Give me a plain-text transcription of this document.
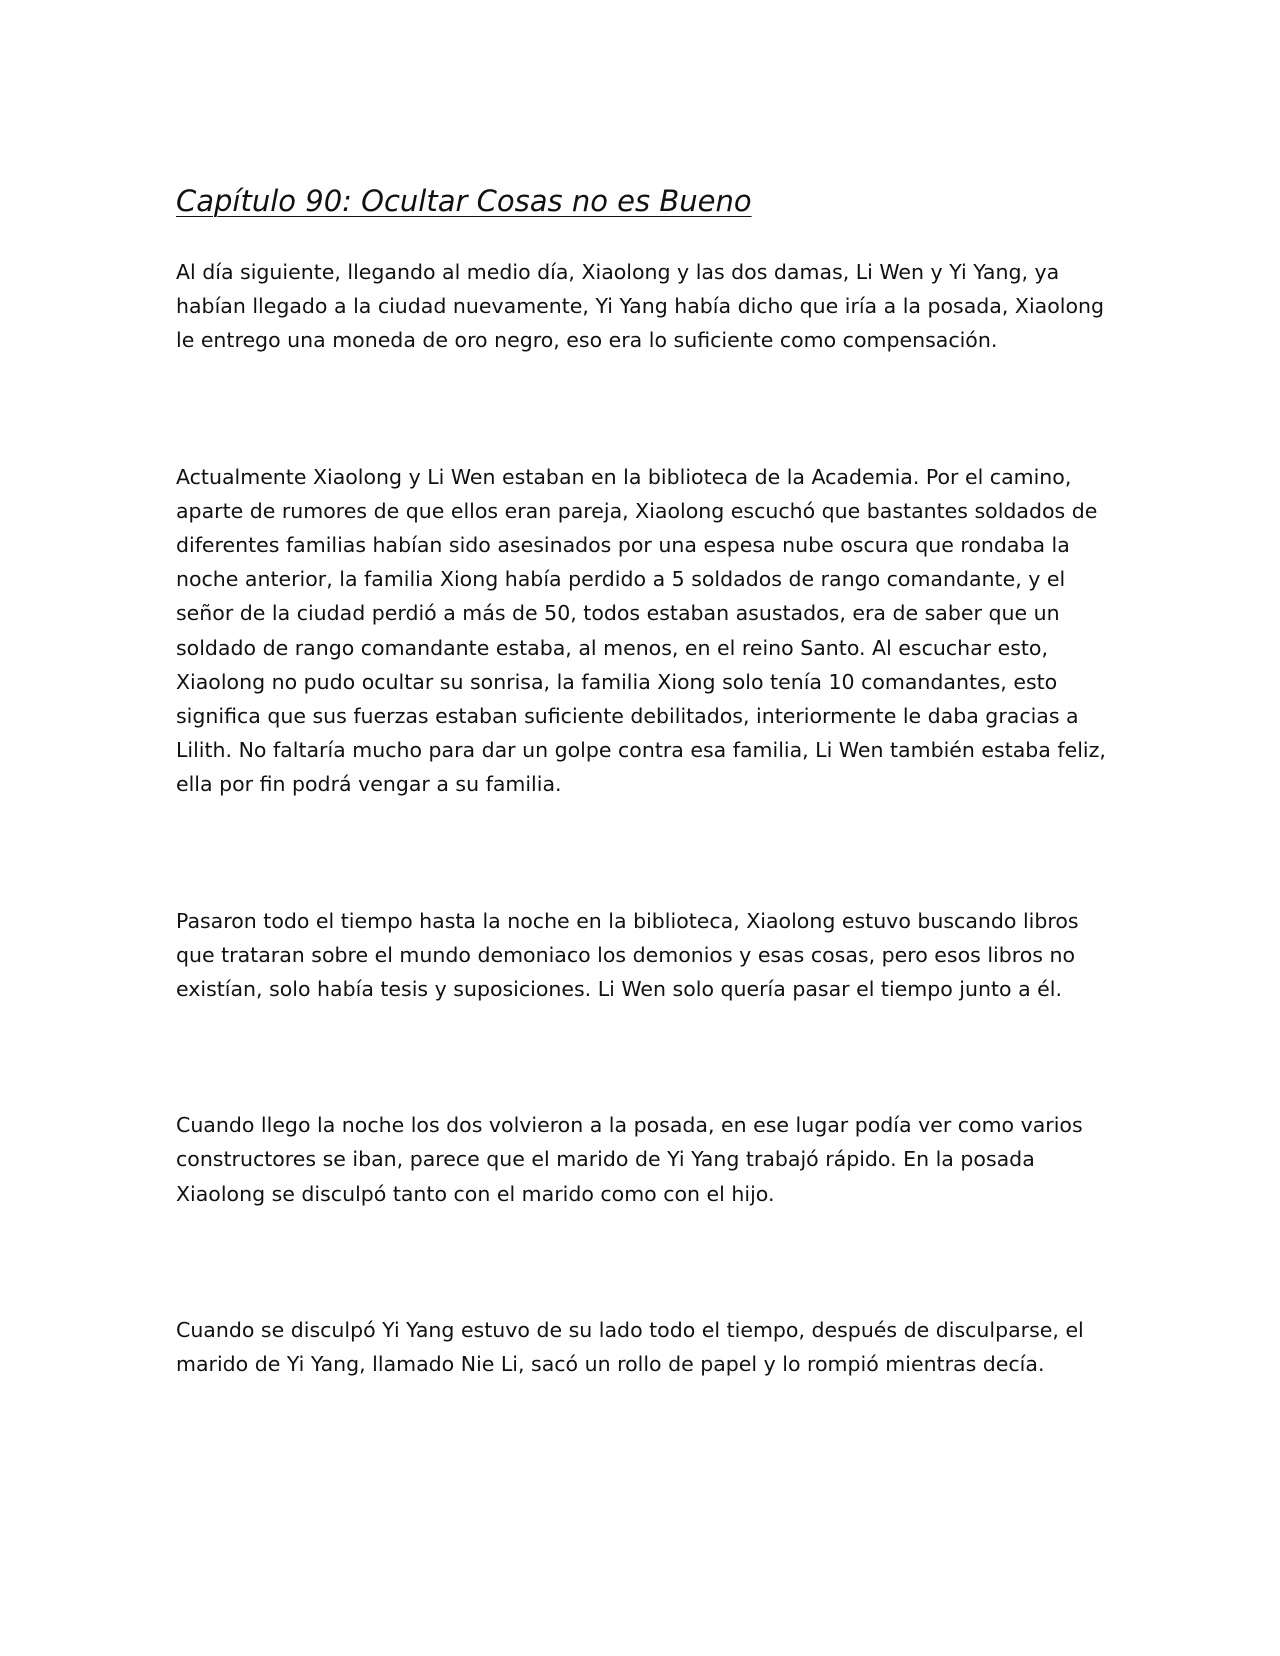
Capítulo 90: Ocultar Cosas no es Bueno

Al día siguiente, llegando al medio día, Xiaolong y las dos damas, Li Wen y Yi Yang, ya habían llegado a la ciudad nuevamente, Yi Yang había dicho que iría a la posada, Xiaolong le entrego una moneda de oro negro, eso era lo suficiente como compensación.

Actualmente Xiaolong y Li Wen estaban en la biblioteca de la Academia. Por el camino, aparte de rumores de que ellos eran pareja, Xiaolong escuchó que bastantes soldados de diferentes familias habían sido asesinados por una espesa nube oscura que rondaba la noche anterior, la familia Xiong había perdido a 5 soldados de rango comandante, y el señor de la ciudad perdió a más de 50, todos estaban asustados, era de saber que un soldado de rango comandante estaba, al menos, en el reino Santo. Al escuchar esto, Xiaolong no pudo ocultar su sonrisa, la familia Xiong solo tenía 10 comandantes, esto significa que sus fuerzas estaban suficiente debilitados, interiormente le daba gracias a Lilith. No faltaría mucho para dar un golpe contra esa familia, Li Wen también estaba feliz, ella por fin podrá vengar a su familia.

Pasaron todo el tiempo hasta la noche en la biblioteca, Xiaolong estuvo buscando libros que trataran sobre el mundo demoniaco los demonios y esas cosas, pero esos libros no existían, solo había tesis y suposiciones. Li Wen solo quería pasar el tiempo junto a él.

Cuando llego la noche los dos volvieron a la posada, en ese lugar podía ver como varios constructores se iban, parece que el marido de Yi Yang trabajó rápido. En la posada Xiaolong se disculpó tanto con el marido como con el hijo.

Cuando se disculpó Yi Yang estuvo de su lado todo el tiempo, después de disculparse, el marido de Yi Yang, llamado Nie Li, sacó un rollo de papel y lo rompió mientras decía.
